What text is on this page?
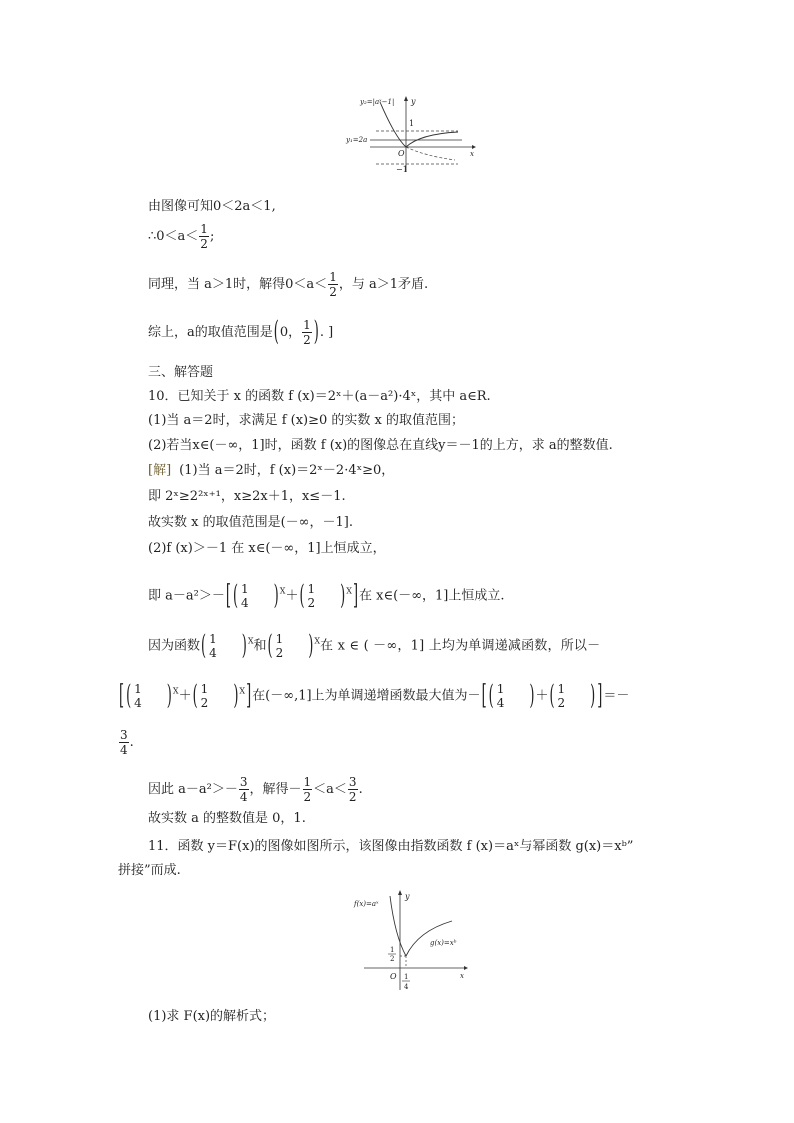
y₂=|aˣ−1| y
1
y₁=2a
O	x
−1
由图像可知0＜2a＜1,
∴0＜a＜ $\frac{1}{2}$ ;
同理，当 a＞1时，解得$0<a< \frac{1}{2}$ ，与 a＞1矛盾.
综上，a的取值范围是(0， $\frac{1}{2}$ ). ]
三、解答题
10．已知关于 x 的函数 f (x)＝2ˣ＋(a－a²)·4ˣ，其中 a∈R.
(1)当 a＝2时，求满足 f (x)≥0 的实数 x 的取值范围；
(2)若当x∈(－∞，1]时，函数 f (x)的图像总在直线y＝－1的上方，求 a的整数值.
[解] (1)当 a＝2时，f (x)＝2ˣ－2·4ˣ≥0，
即 2ˣ≥2²ˣ⁺¹，x≥2x＋1，x≤－1.
故实数 x 的取值范围是(－∞，－1].
(2)f (x)＞－1 在 x∈(－∞，1]上恒成立，
即 a－a²＞－[ ( 1
4 )$^X$＋( 1
2 )$^X$]在 x∈(－∞，1]上恒成立.
因为函数( 1
4 )$^X$和( 1
2 )$^X$在 x ∈ ( －∞，1] 上均为单调递减函数，所以－
[ ( 1
4 )$^X$＋( 1
2 )$^X$]在(－∞,1]上为单调递增函数最大值为－[ ( 1
4 )＋( 1
2 ) ]＝－
$\frac{3}{4}$ .
因此 $a-a^2>- \frac{3}{4}$ ，解得－ $\frac{1}{2} <a< \frac{3}{2}$ .
故实数 a 的整数值是 0，1.
11．函数 y＝F(x)的图像如图所示，该图像由指数函数 f (x)＝aˣ与幂函数 g(x)＝xᵇ”
拼接”而成.
f(x)=aˣ
y
g(x)=xᵇ
1
2
O 1
4
x
(1)求 F(x)的解析式；
